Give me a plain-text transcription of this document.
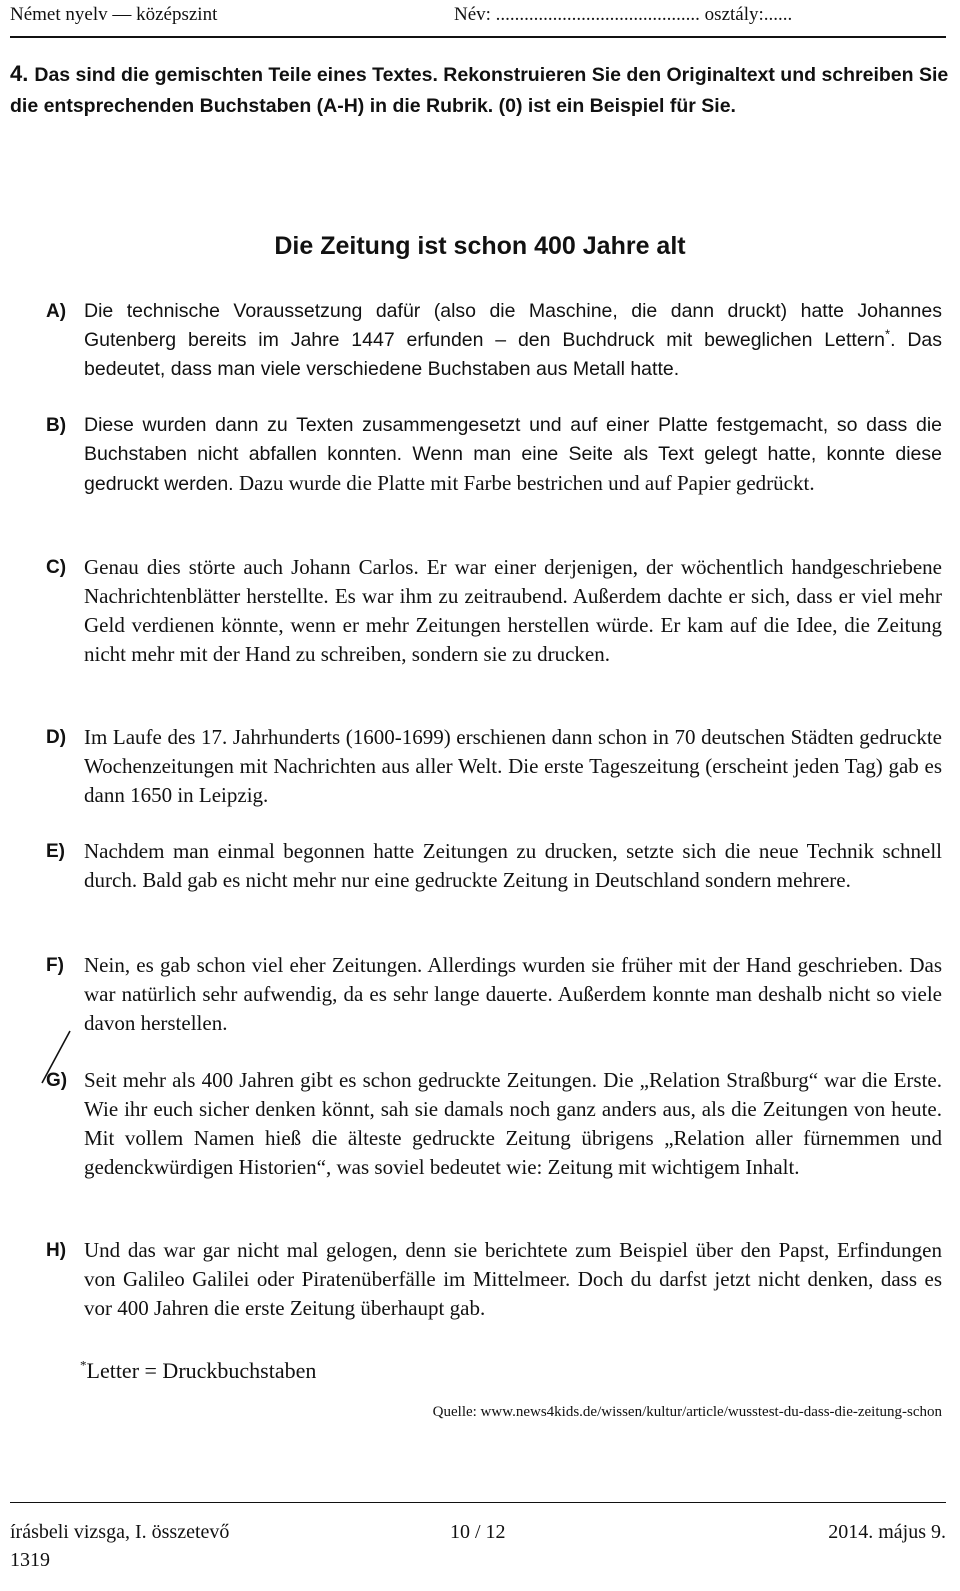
Német nyelv — középszint	Név: ........................................... osztály:......
4. Das sind die gemischten Teile eines Textes. Rekonstruieren Sie den Originaltext und schreiben Sie die entsprechenden Buchstaben (A-H) in die Rubrik. (0) ist ein Beispiel für Sie.
Die Zeitung ist schon 400 Jahre alt
A) Die technische Voraussetzung dafür (also die Maschine, die dann druckt) hatte Johannes Gutenberg bereits im Jahre 1447 erfunden – den Buchdruck mit beweglichen Lettern*. Das bedeutet, dass man viele verschiedene Buchstaben aus Metall hatte.
B) Diese wurden dann zu Texten zusammengesetzt und auf einer Platte festgemacht, so dass die Buchstaben nicht abfallen konnten. Wenn man eine Seite als Text gelegt hatte, konnte diese gedruckt werden. Dazu wurde die Platte mit Farbe bestrichen und auf Papier gedrückt.
C) Genau dies störte auch Johann Carlos. Er war einer derjenigen, der wöchentlich handgeschriebene Nachrichtenblätter herstellte. Es war ihm zu zeitraubend. Außerdem dachte er sich, dass er viel mehr Geld verdienen könnte, wenn er mehr Zeitungen herstellen würde. Er kam auf die Idee, die Zeitung nicht mehr mit der Hand zu schreiben, sondern sie zu drucken.
D) Im Laufe des 17. Jahrhunderts (1600-1699) erschienen dann schon in 70 deutschen Städten gedruckte Wochenzeitungen mit Nachrichten aus aller Welt. Die erste Tageszeitung (erscheint jeden Tag) gab es dann 1650 in Leipzig.
E) Nachdem man einmal begonnen hatte Zeitungen zu drucken, setzte sich die neue Technik schnell durch. Bald gab es nicht mehr nur eine gedruckte Zeitung in Deutschland sondern mehrere.
F) Nein, es gab schon viel eher Zeitungen. Allerdings wurden sie früher mit der Hand geschrieben. Das war natürlich sehr aufwendig, da es sehr lange dauerte. Außerdem konnte man deshalb nicht so viele davon herstellen.
G) Seit mehr als 400 Jahren gibt es schon gedruckte Zeitungen. Die „Relation Straßburg“ war die Erste. Wie ihr euch sicher denken könnt, sah sie damals noch ganz anders aus, als die Zeitungen von heute. Mit vollem Namen hieß die älteste gedruckte Zeitung übrigens „Relation aller fürnemmen und gedenckwürdigen Historien“, was soviel bedeutet wie: Zeitung mit wichtigem Inhalt.
H) Und das war gar nicht mal gelogen, denn sie berichtete zum Beispiel über den Papst, Erfindungen von Galileo Galilei oder Piratenüberfälle im Mittelmeer. Doch du darfst jetzt nicht denken, dass es vor 400 Jahren die erste Zeitung überhaupt gab.
*Letter = Druckbuchstaben
Quelle: www.news4kids.de/wissen/kultur/article/wusstest-du-dass-die-zeitung-schon
írásbeli vizsga, I. összetevő	10 / 12	2014. május 9.
1319
